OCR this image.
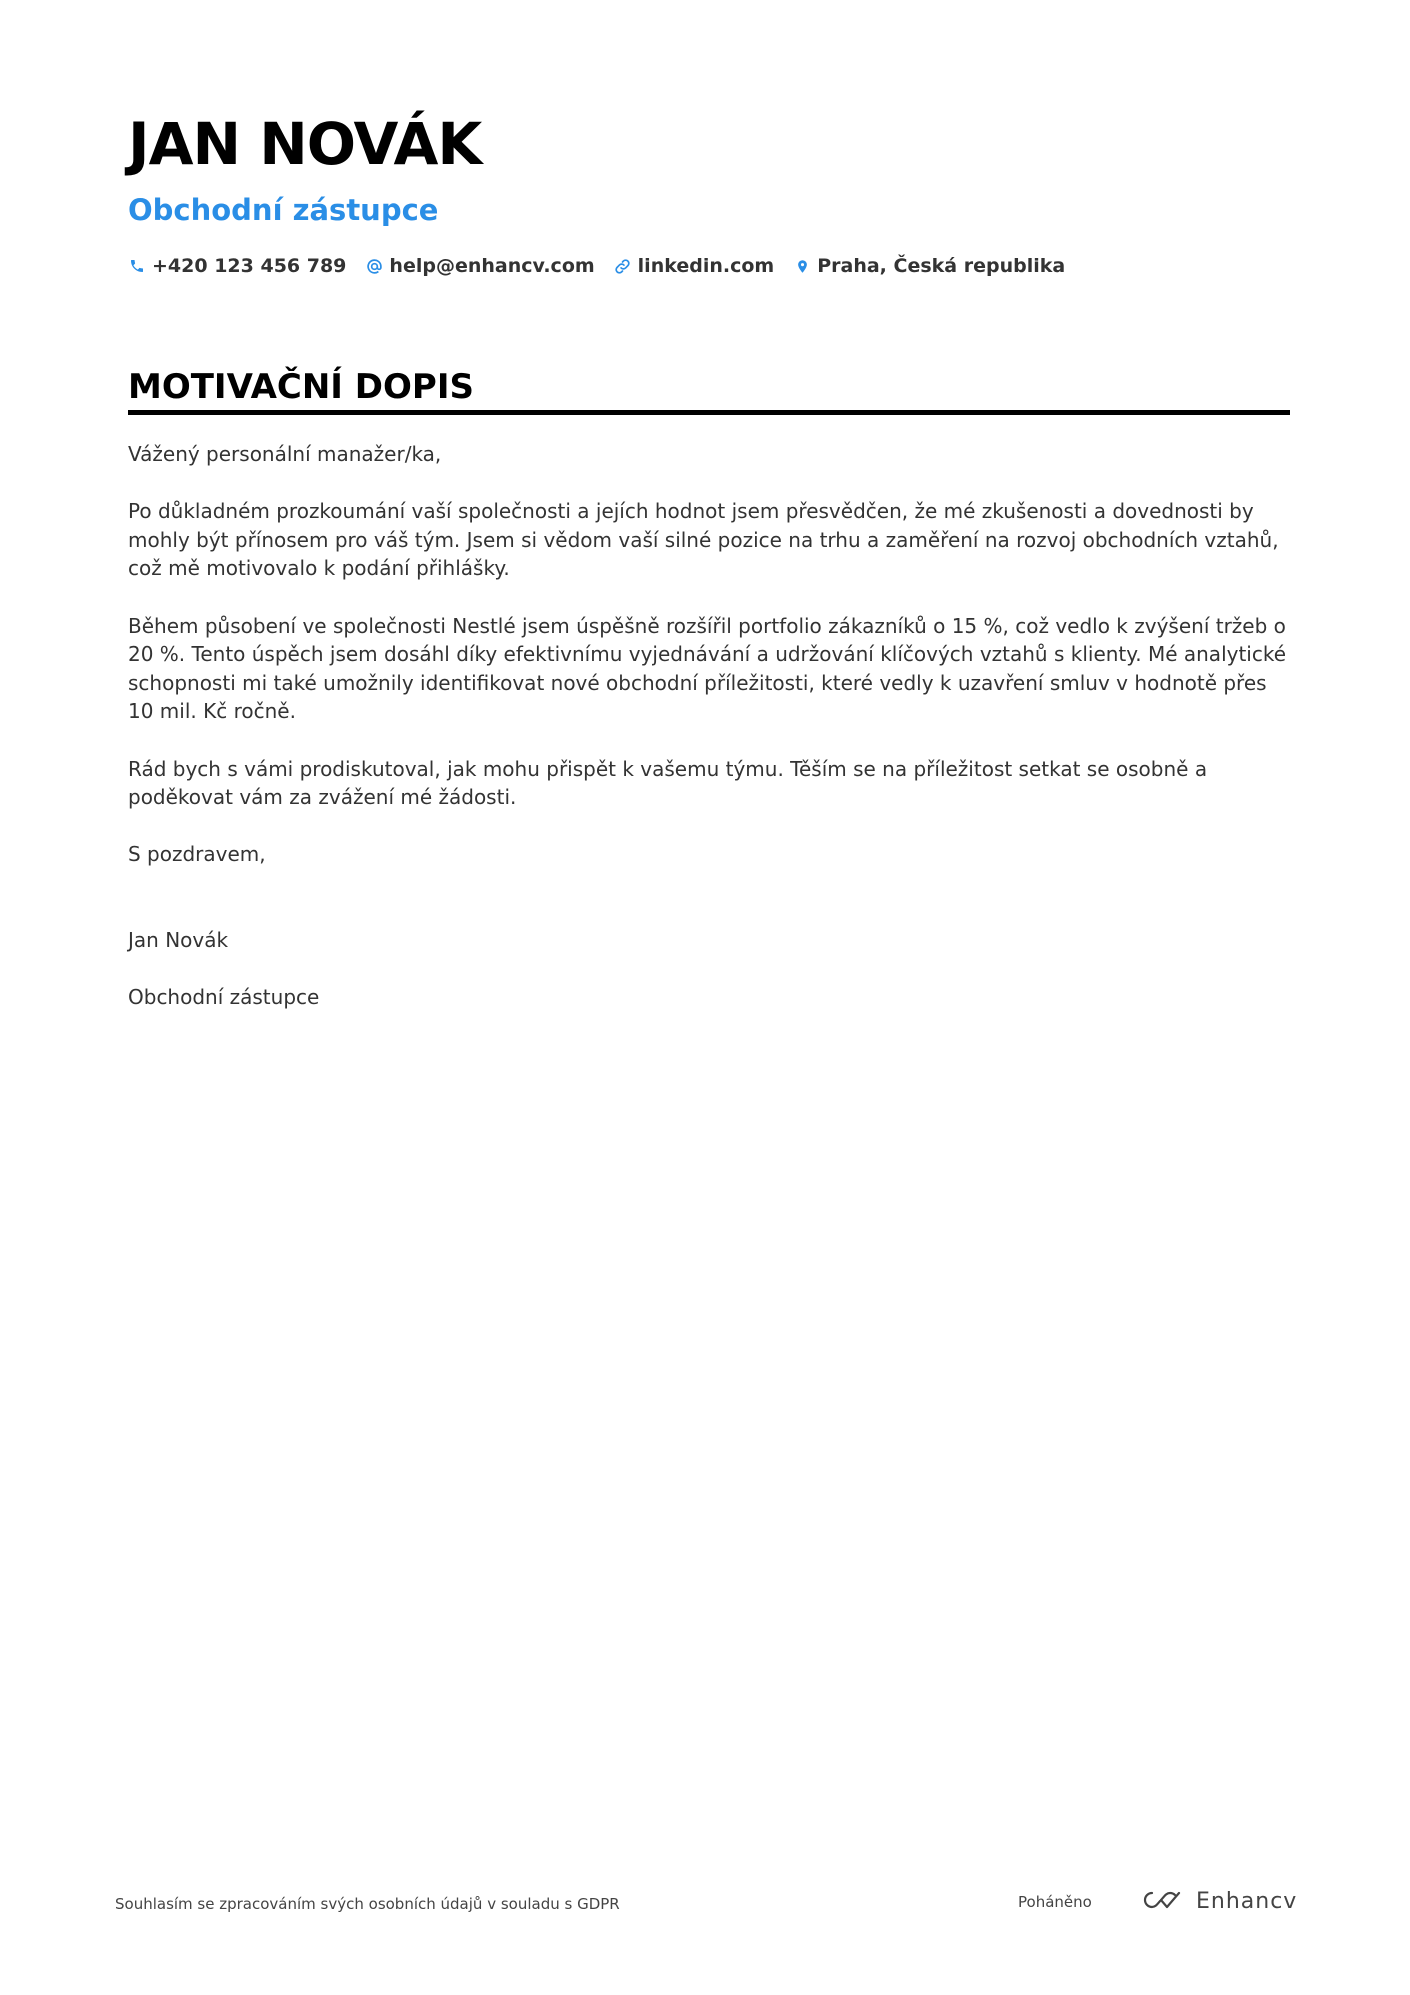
JAN NOVÁK
Obchodní zástupce
+420 123 456 789 help@enhancv.com linkedin.com Praha, Česká republika
MOTIVAČNÍ DOPIS

Vážený personální manažer/ka,

Po důkladném prozkoumání vaší společnosti a jejích hodnot jsem přesvědčen, že mé zkušenosti a dovednosti by mohly být přínosem pro váš tým. Jsem si vědom vaší silné pozice na trhu a zaměření na rozvoj obchodních vztahů, což mě motivovalo k podání přihlášky.

Během působení ve společnosti Nestlé jsem úspěšně rozšířil portfolio zákazníků o 15 %, což vedlo k zvýšení tržeb o 20 %. Tento úspěch jsem dosáhl díky efektivnímu vyjednávání a udržování klíčových vztahů s klienty. Mé analytické schopnosti mi také umožnily identifikovat nové obchodní příležitosti, které vedly k uzavření smluv v hodnotě přes 10 mil. Kč ročně.

Rád bych s vámi prodiskutoval, jak mohu přispět k vašemu týmu. Těším se na příležitost setkat se osobně a poděkovat vám za zvážení mé žádosti.

S pozdravem,

Jan Novák

Obchodní zástupce

Souhlasím se zpracováním svých osobních údajů v souladu s GDPR	Poháněno	Enhancv
